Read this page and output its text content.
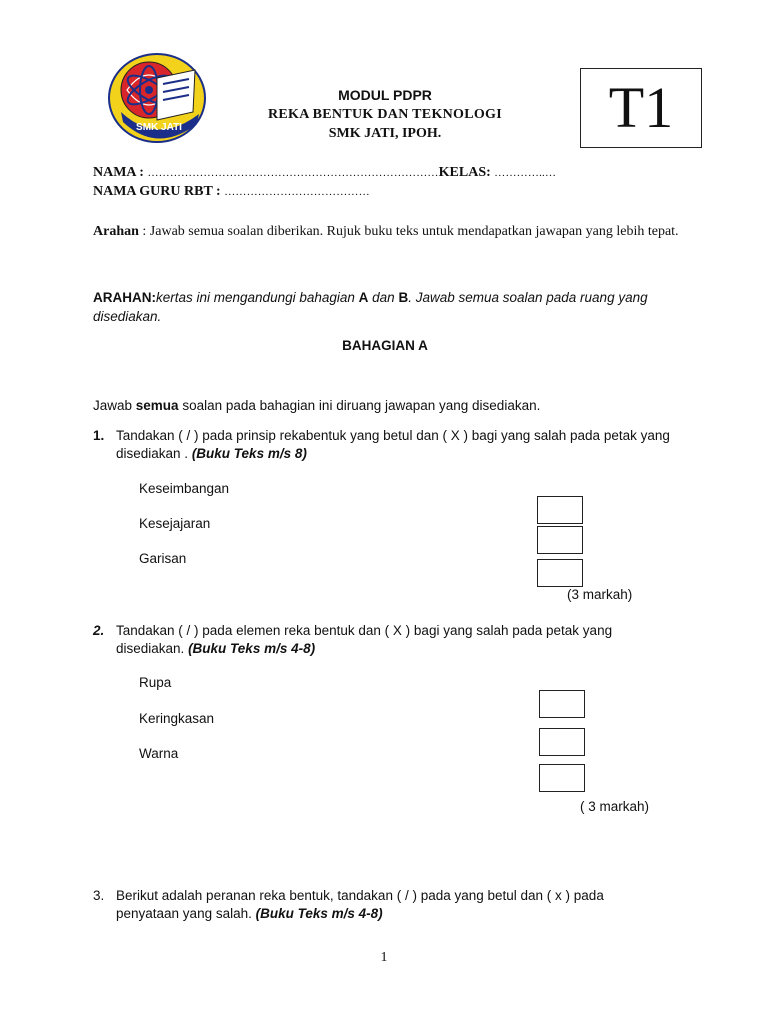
SMK JATI
MODUL PDPR
REKA BENTUK DAN TEKNOLOGI
SMK JATI, IPOH.	T1
NAMA : ……………………………………………………………………KELAS: …………..…
NAMA GURU RBT : …………………………………
Arahan : Jawab semua soalan diberikan. Rujuk buku teks untuk mendapatkan jawapan yang lebih tepat.
ARAHAN:kertas ini mengandungi bahagian A dan B. Jawab semua soalan pada ruang yang disediakan.
BAHAGIAN A
Jawab semua soalan pada bahagian ini diruang jawapan yang disediakan.
1. Tandakan ( / ) pada prinsip rekabentuk yang betul dan ( X ) bagi yang salah pada petak yang disediakan . (Buku Teks m/s 8)
Keseimbangan
Kesejajaran
Garisan
(3 markah)
2. Tandakan ( / ) pada elemen reka bentuk dan ( X ) bagi yang salah pada petak yang disediakan. (Buku Teks m/s 4-8)
Rupa
Keringkasan
Warna
( 3 markah)
3. Berikut adalah peranan reka bentuk, tandakan ( / ) pada yang betul dan ( x ) pada penyataan yang salah. (Buku Teks m/s 4-8)
1
